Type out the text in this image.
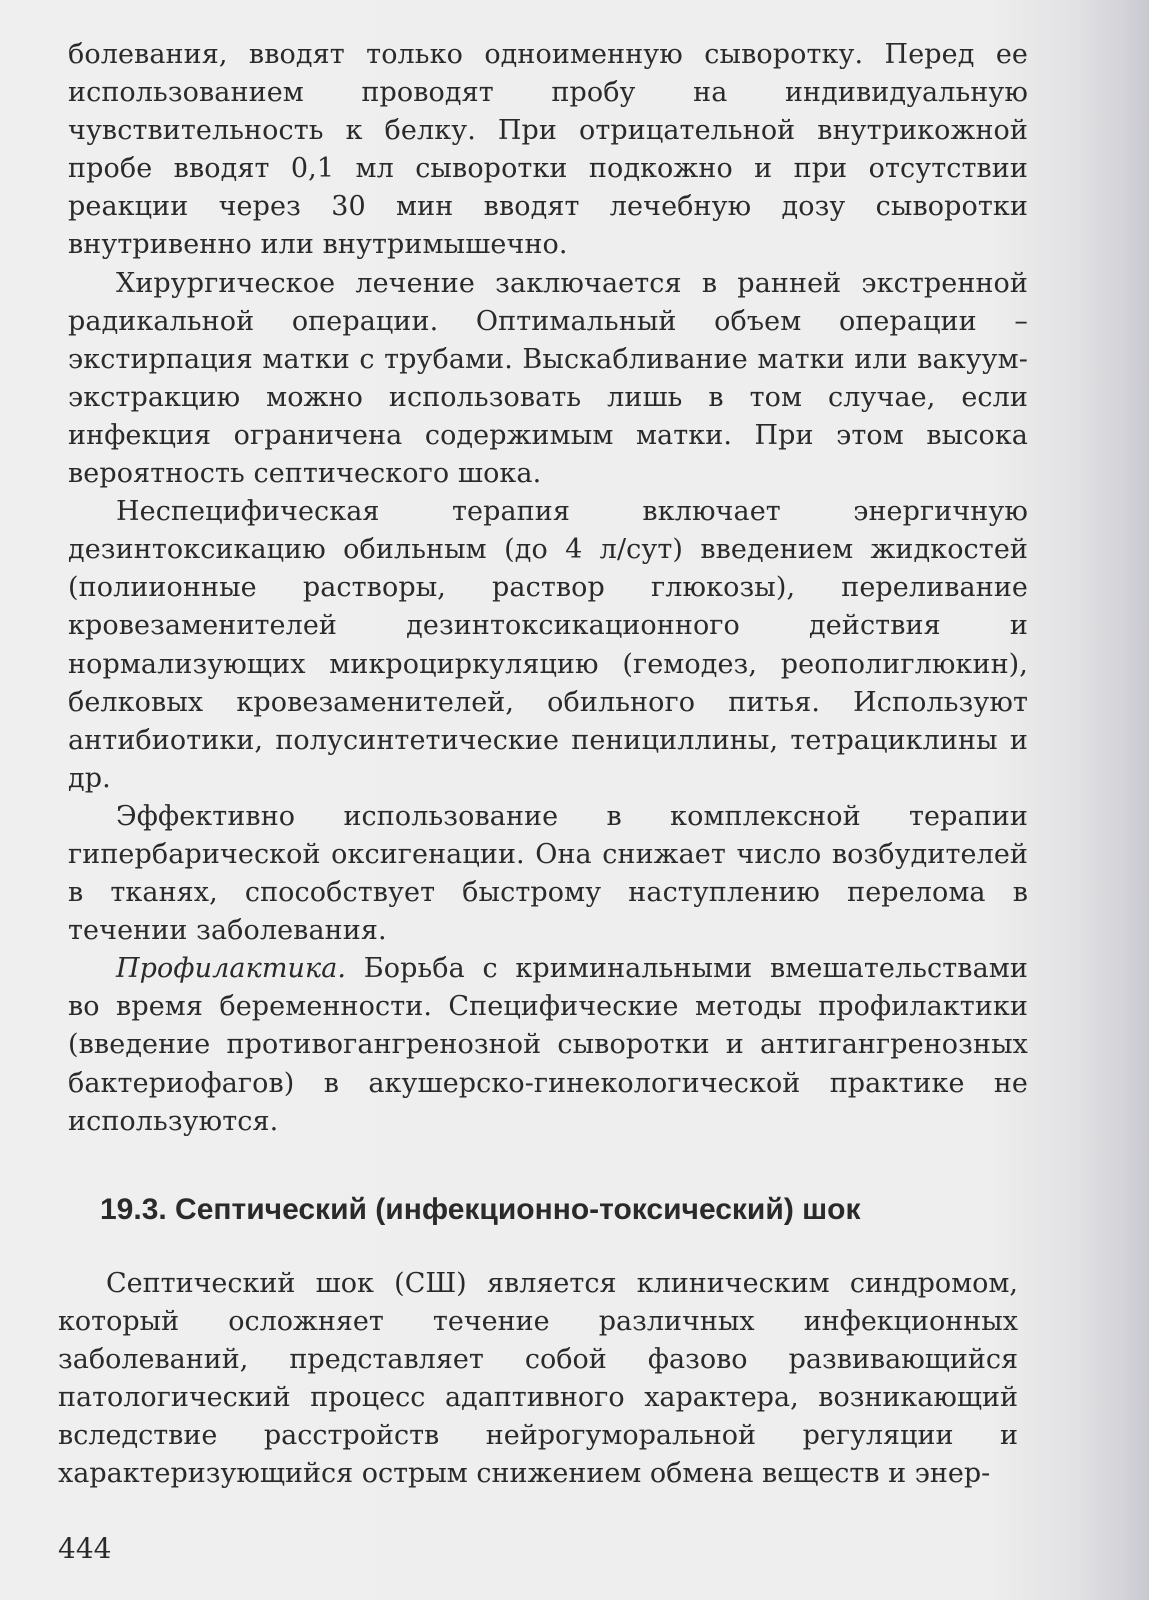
болевания, вводят только одноименную сыворотку. Перед ее использованием проводят пробу на индивидуальную чувствительность к белку. При отрицательной внутрикожной пробе вводят 0,1 мл сыворотки подкожно и при отсутствии реакции через 30 мин вводят лечебную дозу сыворотки внутривенно или внутримышечно.

Хирургическое лечение заключается в ранней экстренной радикальной операции. Оптимальный объем операции – экстирпация матки с трубами. Выскабливание матки или вакуум-экстракцию можно использовать лишь в том случае, если инфекция ограничена содержимым матки. При этом высока вероятность септического шока.

Неспецифическая терапия включает энергичную дезинтоксикацию обильным (до 4 л/сут) введением жидкостей (полиионные растворы, раствор глюкозы), переливание кровезаменителей дезинтоксикационного действия и нормализующих микроциркуляцию (гемодез, реополиглюкин), белковых кровезаменителей, обильного питья. Используют антибиотики, полусинтетические пенициллины, тетрациклины и др.

Эффективно использование в комплексной терапии гипербарической оксигенации. Она снижает число возбудителей в тканях, способствует быстрому наступлению перелома в течении заболевания.

Профилактика. Борьба с криминальными вмешательствами во время беременности. Специфические методы профилактики (введение противогангренозной сыворотки и антигангренозных бактериофагов) в акушерско-гинекологической практике не используются.

19.3. Септический (инфекционно-токсический) шок

Септический шок (СШ) является клиническим синдромом, который осложняет течение различных инфекционных заболеваний, представляет собой фазово развивающийся патологический процесс адаптивного характера, возникающий вследствие расстройств нейрогуморальной регуляции и характеризующийся острым снижением обмена веществ и энер-

444
